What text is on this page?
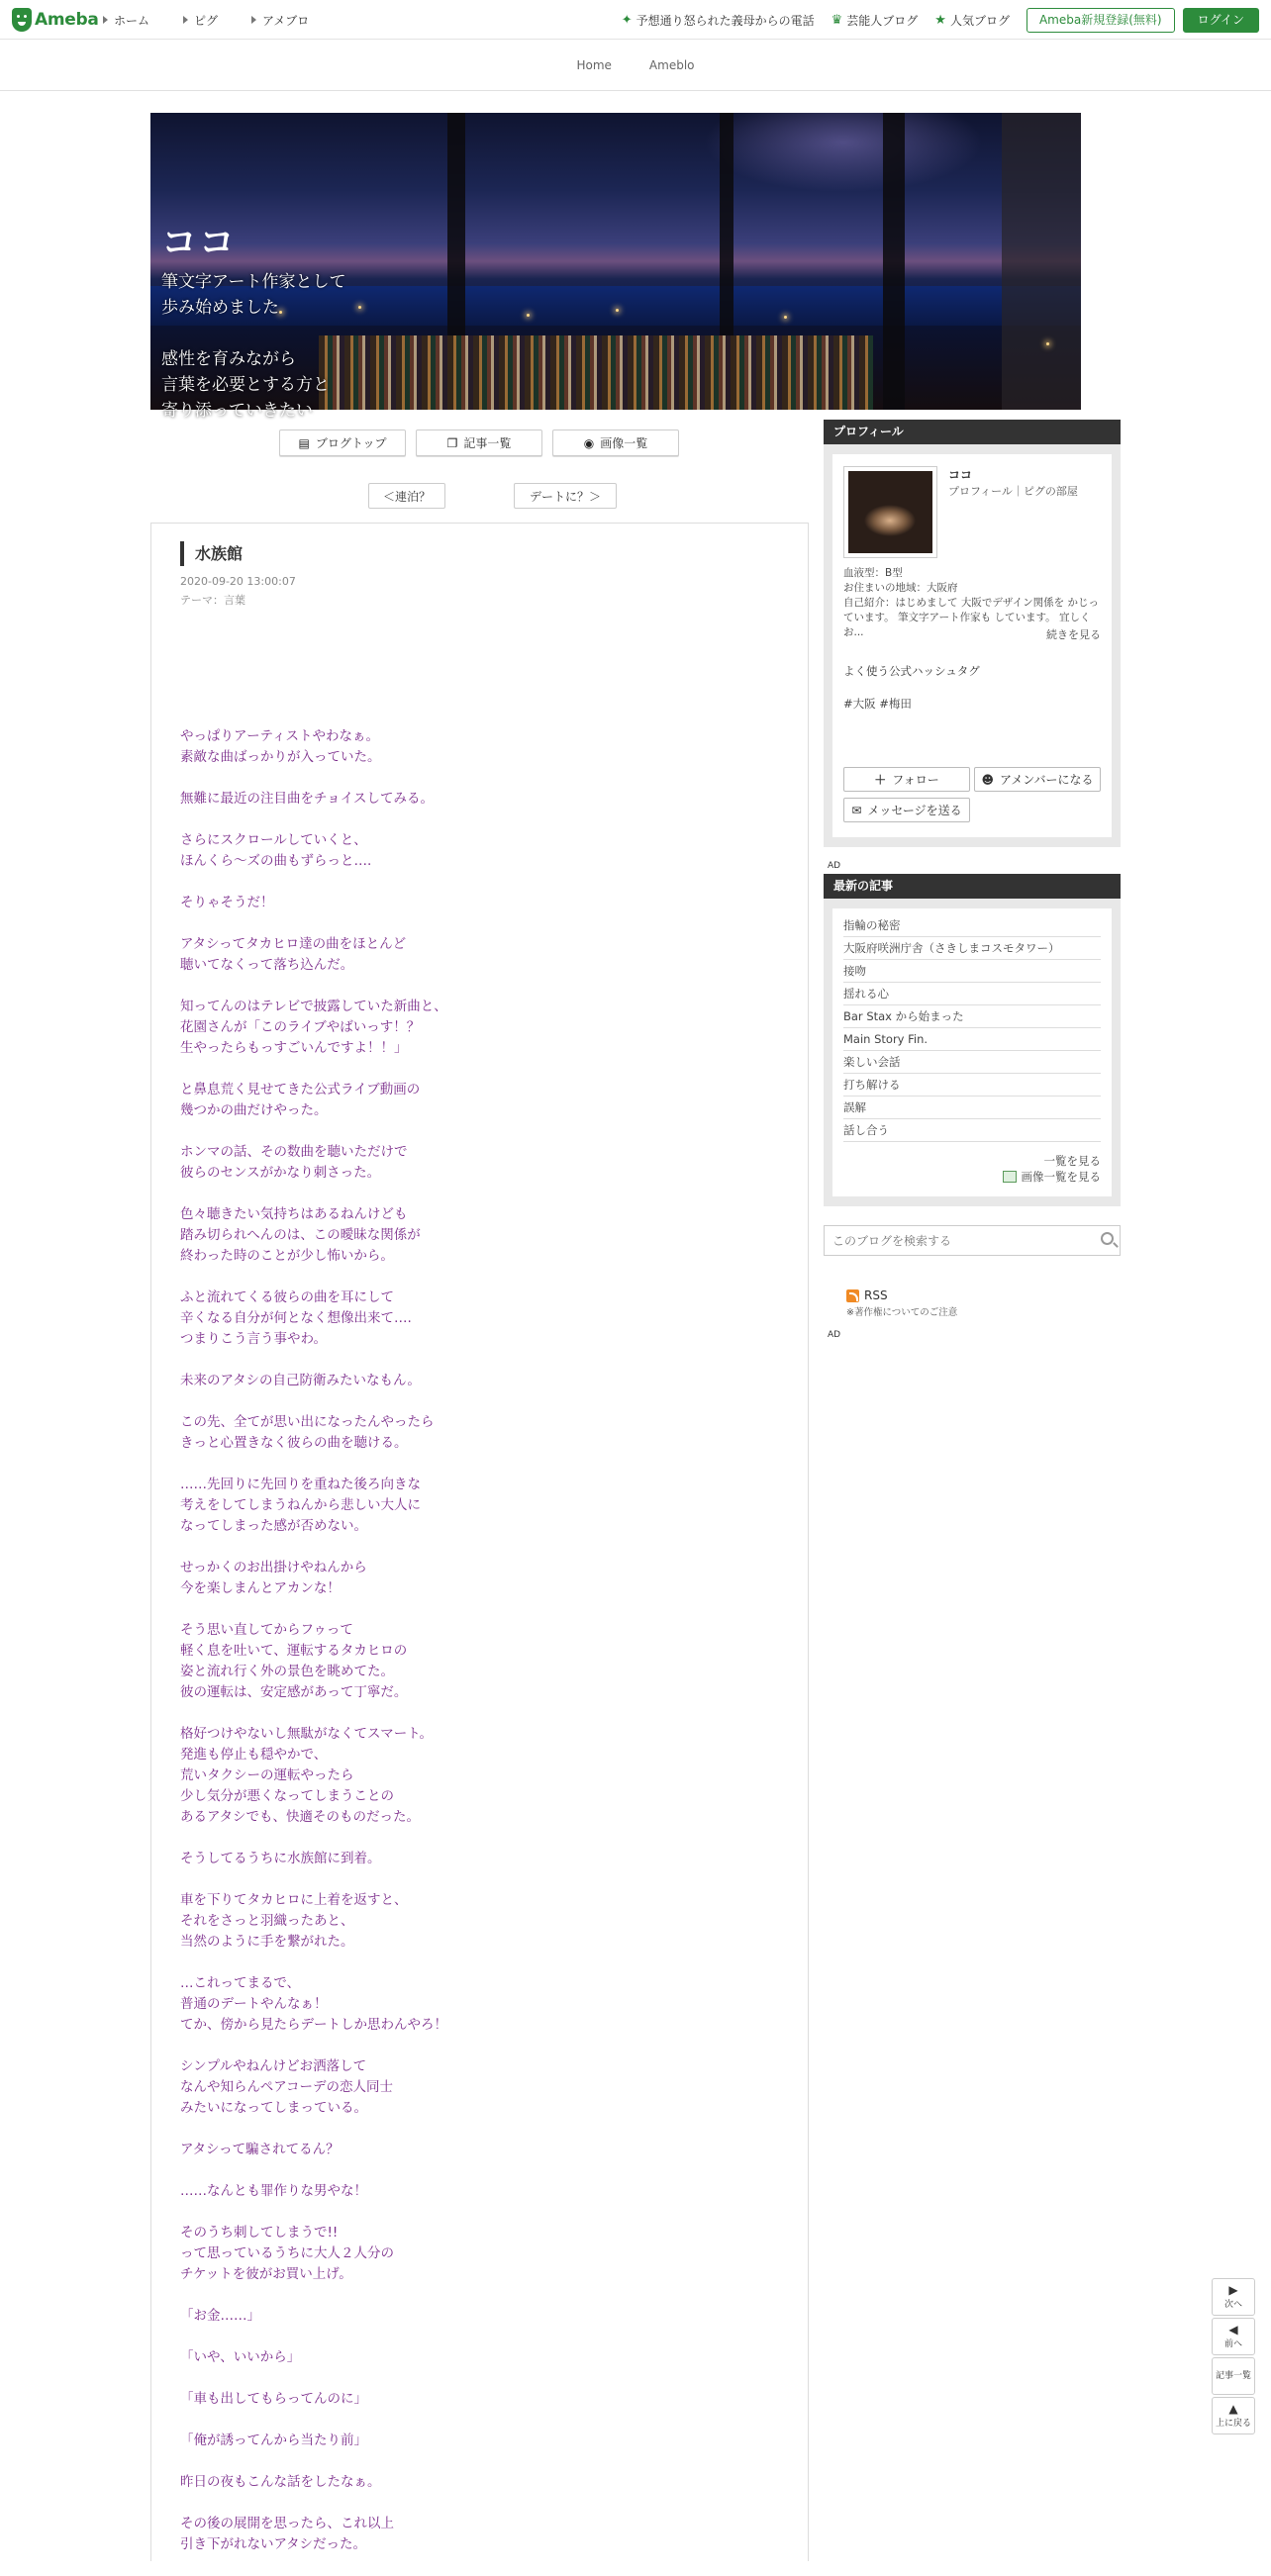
Ameba ホーム	ピグ	アメブロ	✦ 予想通り怒られた義母からの電話 ♛ 芸能人ブログ ★ 人気ブログ	Ameba新規登録(無料)	ログイン
Home	Ameblo
ココ
筆文字アート作家として
歩み始めました

感性を育みながら
言葉を必要とする方と
寄り添っていきたい
▤ ブログトップ	❐ 記事一覧	◉ 画像一覧
＜連泊？	デートに？＞
水族館
2020-09-20 13:00:07
テーマ：言葉
やっぱりアーティストやわなぁ。
素敵な曲ばっかりが入っていた。
無難に最近の注目曲をチョイスしてみる。
さらにスクロールしていくと、
ほんくら〜ズの曲もずらっと….
そりゃそうだ！
アタシってタカヒロ達の曲をほとんど
聴いてなくって落ち込んだ。
知ってんのはテレビで披露していた新曲と、
花園さんが「このライブやばいっす！？
生やったらもっすごいんですよ！！」
と鼻息荒く見せてきた公式ライブ動画の
幾つかの曲だけやった。
ホンマの話、その数曲を聴いただけで
彼らのセンスがかなり刺さった。
色々聴きたい気持ちはあるねんけども
踏み切られへんのは、この曖昧な関係が
終わった時のことが少し怖いから。
ふと流れてくる彼らの曲を耳にして
辛くなる自分が何となく想像出来て….
つまりこう言う事やわ。
未来のアタシの自己防衛みたいなもん。
この先、全てが思い出になったんやったら
きっと心置きなく彼らの曲を聴ける。
……先回りに先回りを重ねた後ろ向きな
考えをしてしまうねんから悲しい大人に
なってしまった感が否めない。
せっかくのお出掛けやねんから
今を楽しまんとアカンな！
そう思い直してからフゥって
軽く息を吐いて、運転するタカヒロの
姿と流れ行く外の景色を眺めてた。
彼の運転は、安定感があって丁寧だ。
格好つけやないし無駄がなくてスマート。
発進も停止も穏やかで、
荒いタクシーの運転やったら
少し気分が悪くなってしまうことの
あるアタシでも、快適そのものだった。
そうしてるうちに水族館に到着。
車を下りてタカヒロに上着を返すと、
それをさっと羽織ったあと、
当然のように手を繋がれた。
…これってまるで、
普通のデートやんなぁ！
てか、傍から見たらデートしか思わんやろ！
シンプルやねんけどお洒落して
なんや知らんペアコーデの恋人同士
みたいになってしまっている。
アタシって騙されてるん？
……なんとも罪作りな男やな！
そのうち刺してしまうで!!
って思っているうちに大人２人分の
チケットを彼がお買い上げ。
「お金……」
「いや、いいから」
「車も出してもらってんのに」
「俺が誘ってんから当たり前」
昨日の夜もこんな話をしたなぁ。
その後の展開を思ったら、これ以上
引き下がれないアタシだった。
プロフィール
ココ
プロフィール｜ピグの部屋
血液型：B型
お住まいの地域：大阪府
自己紹介：はじめまして 大阪でデザイン関係を かじっています。 筆文字アート作家も しています。 宜しくお...	続きを見る
よく使う公式ハッシュタグ
#大阪 #梅田
＋ フォロー	☻ アメンバーになる
✉ メッセージを送る
AD
最新の記事
指輪の秘密
大阪府咲洲庁舎（さきしまコスモタワー）
接吻
揺れる心
Bar Stax から始まった
Main Story Fin.
楽しい会話
打ち解ける
誤解
話し合う
一覧を見る
画像一覧を見る
このブログを検索する
RSS
※著作権についてのご注意
AD
▶
次へ
◀
前へ
記事一覧
▲
上に戻る
